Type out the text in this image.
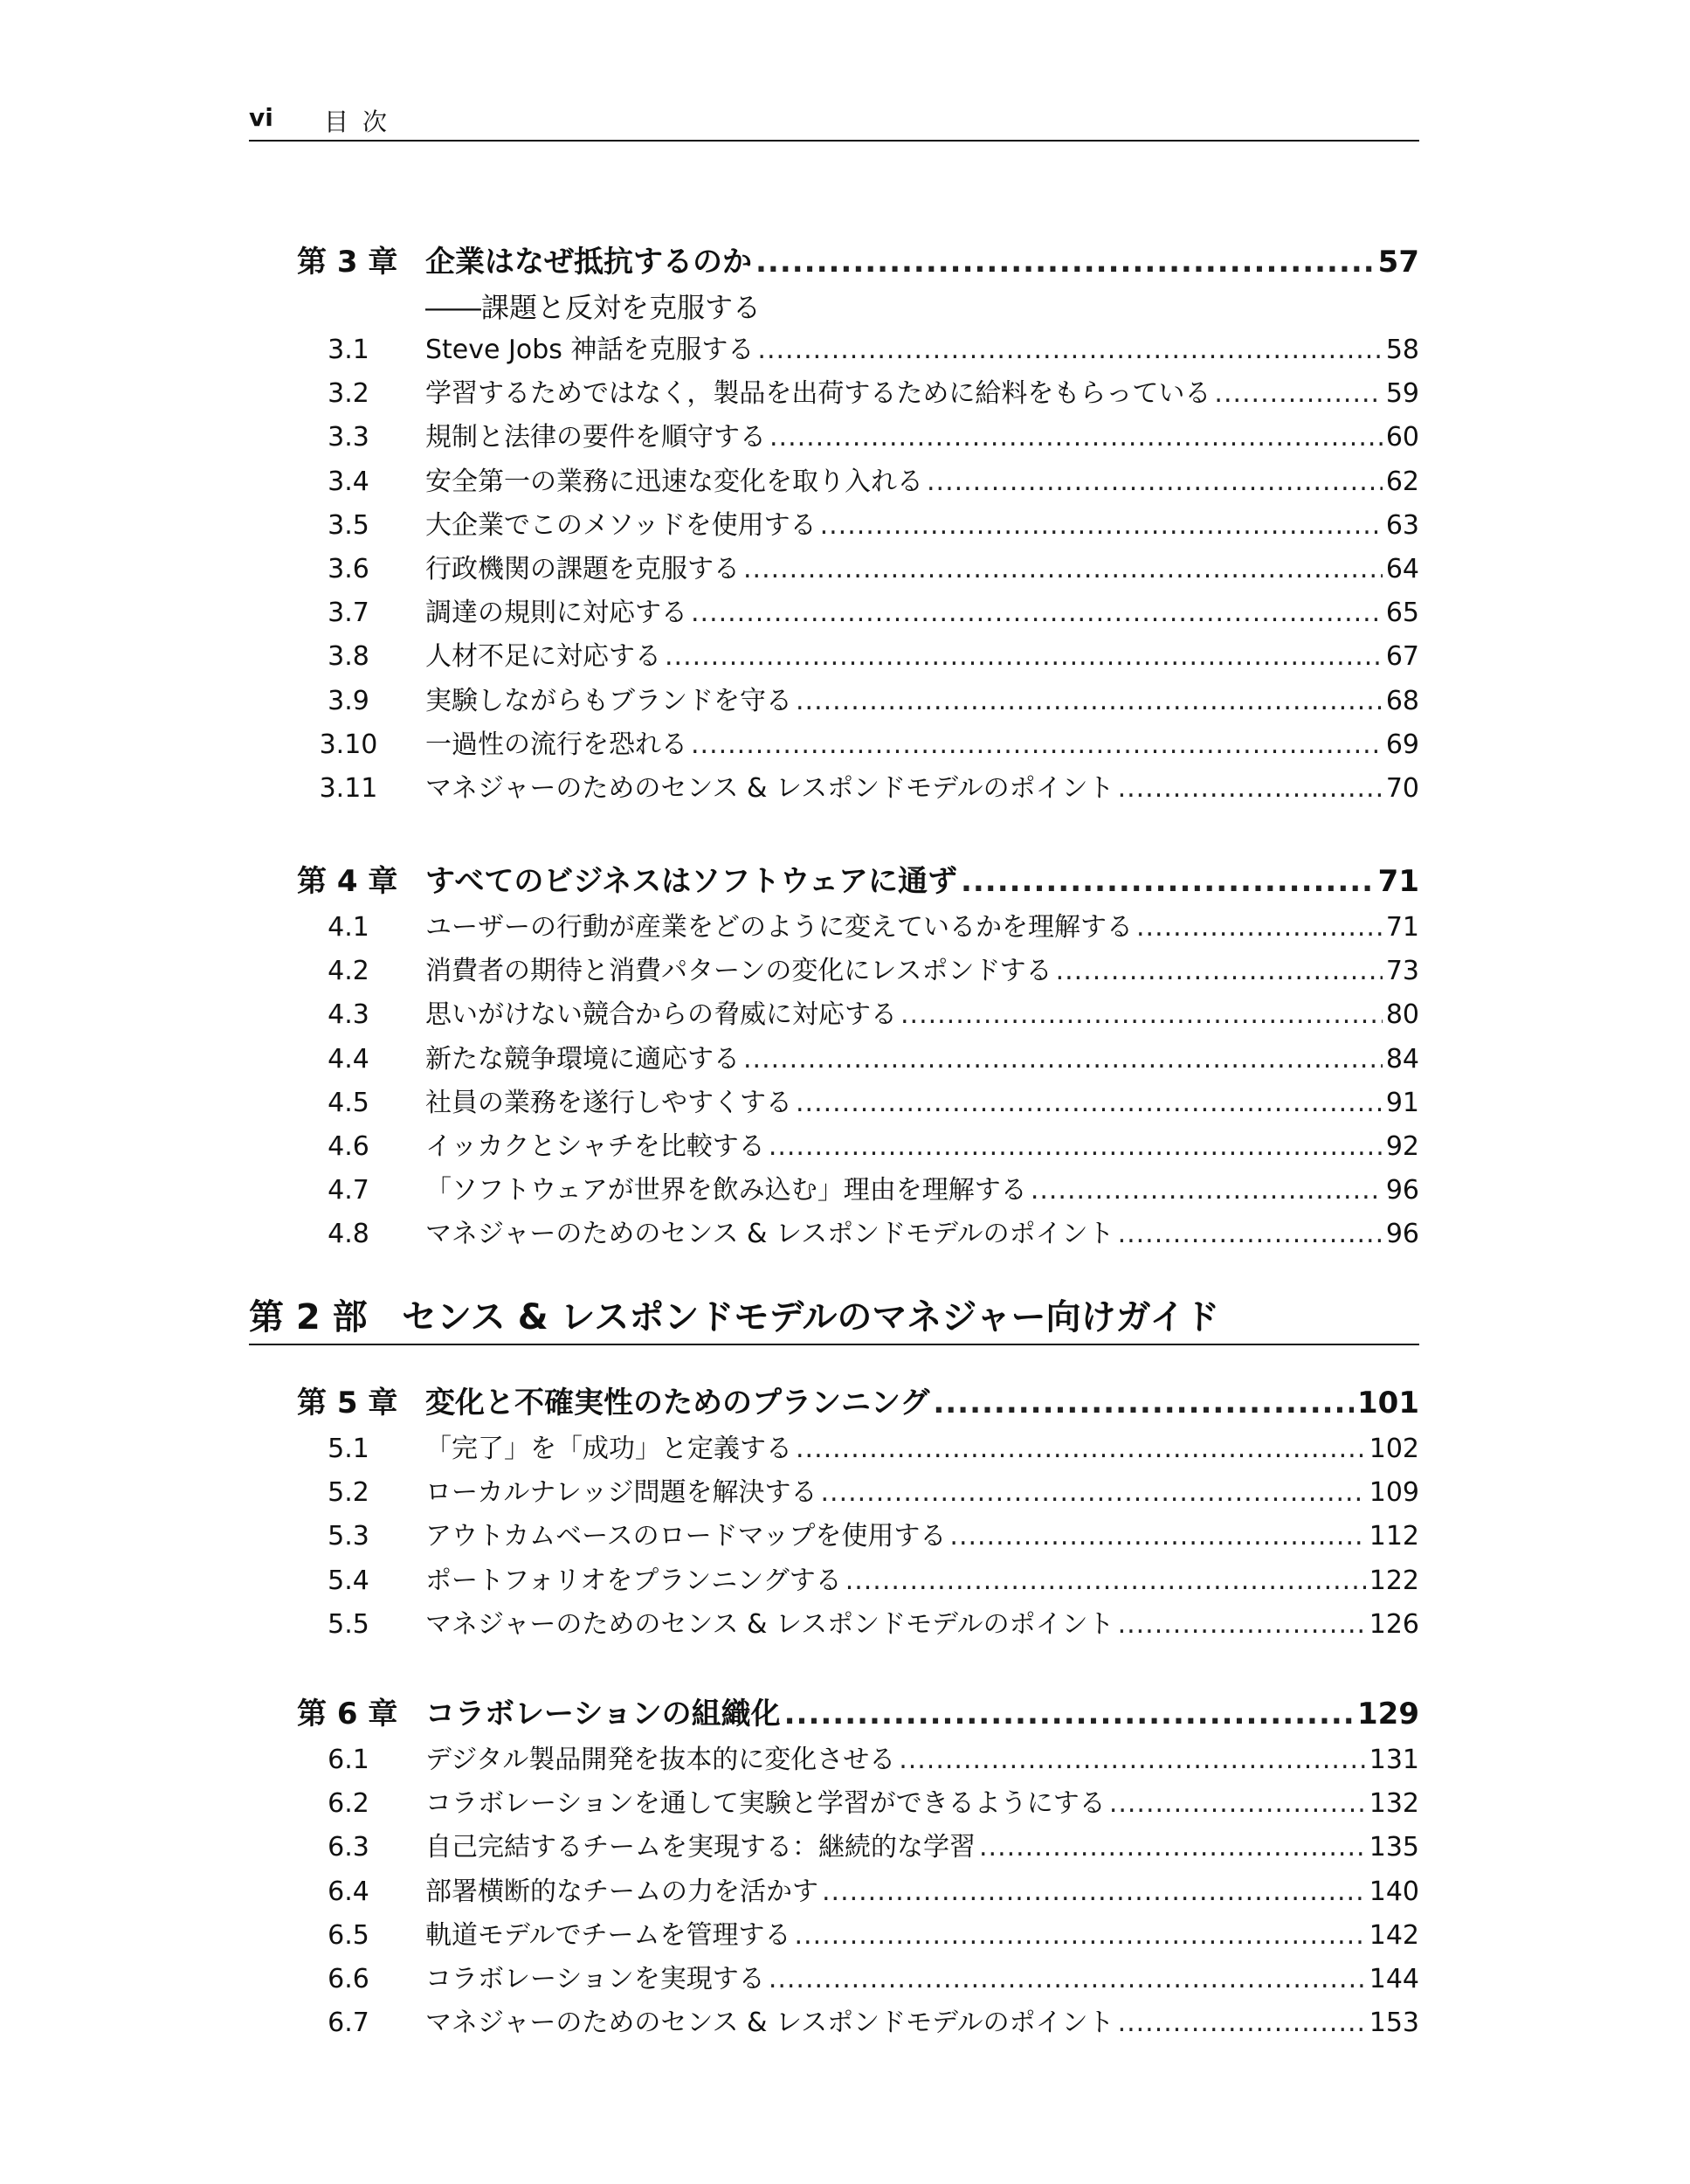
vi 目次
第 3 章 企業はなぜ抵抗するのか .....	57
――課題と反対を克服する
3.1	Steve Jobs 神話を克服する .....	58
3.2	学習するためではなく，製品を出荷するために給料をもらっている .....	59
3.3	規制と法律の要件を順守する .....	60
3.4	安全第一の業務に迅速な変化を取り入れる .....	62
3.5	大企業でこのメソッドを使用する .....	63
3.6	行政機関の課題を克服する .....	64
3.7	調達の規則に対応する .....	65
3.8	人材不足に対応する .....	67
3.9	実験しながらもブランドを守る .....	68
3.10	一過性の流行を恐れる .....	69
3.11	マネジャーのためのセンス & レスポンドモデルのポイント .....	70
第 4 章 すべてのビジネスはソフトウェアに通ず .....	71
4.1	ユーザーの行動が産業をどのように変えているかを理解する .....	71
4.2	消費者の期待と消費パターンの変化にレスポンドする .....	73
4.3	思いがけない競合からの脅威に対応する .....	80
4.4	新たな競争環境に適応する .....	84
4.5	社員の業務を遂行しやすくする .....	91
4.6	イッカクとシャチを比較する .....	92
4.7	「ソフトウェアが世界を飲み込む」理由を理解する .....	96
4.8	マネジャーのためのセンス & レスポンドモデルのポイント .....	96
第 2 部 センス & レスポンドモデルのマネジャー向けガイド
第 5 章 変化と不確実性のためのプランニング .....	101
5.1	「完了」を「成功」と定義する .....	102
5.2	ローカルナレッジ問題を解決する .....	109
5.3	アウトカムベースのロードマップを使用する .....	112
5.4	ポートフォリオをプランニングする .....	122
5.5	マネジャーのためのセンス & レスポンドモデルのポイント .....	126
第 6 章 コラボレーションの組織化 .....	129
6.1	デジタル製品開発を抜本的に変化させる .....	131
6.2	コラボレーションを通して実験と学習ができるようにする .....	132
6.3	自己完結するチームを実現する：継続的な学習 .....	135
6.4	部署横断的なチームの力を活かす .....	140
6.5	軌道モデルでチームを管理する .....	142
6.6	コラボレーションを実現する .....	144
6.7	マネジャーのためのセンス & レスポンドモデルのポイント .....	153
